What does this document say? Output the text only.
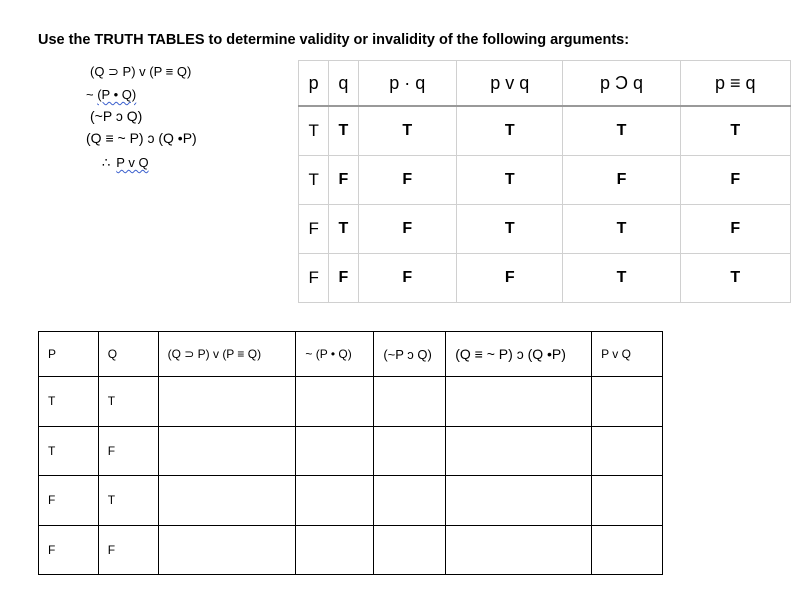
Use the TRUTH TABLES to determine validity or invalidity of the following arguments:
(Q ⊃ P) v (P ≡ Q)
~ (P • Q)
(~P ɔ Q)
(Q ≡ ~ P) ɔ (Q •P)
∴ P v Q
p	q	p · q	p v q	p Ɔ q	p ≡ q
T	T	T	T	T	T
T	F	F	T	F	F
F	T	F	T	T	F
F	F	F	F	T	T
P	Q	(Q ⊃ P) v (P ≡ Q)	~ (P • Q)	(~P ɔ Q)	(Q ≡ ~ P) ɔ (Q •P)	P v Q
T	T					
T	F					
F	T					
F	F					
